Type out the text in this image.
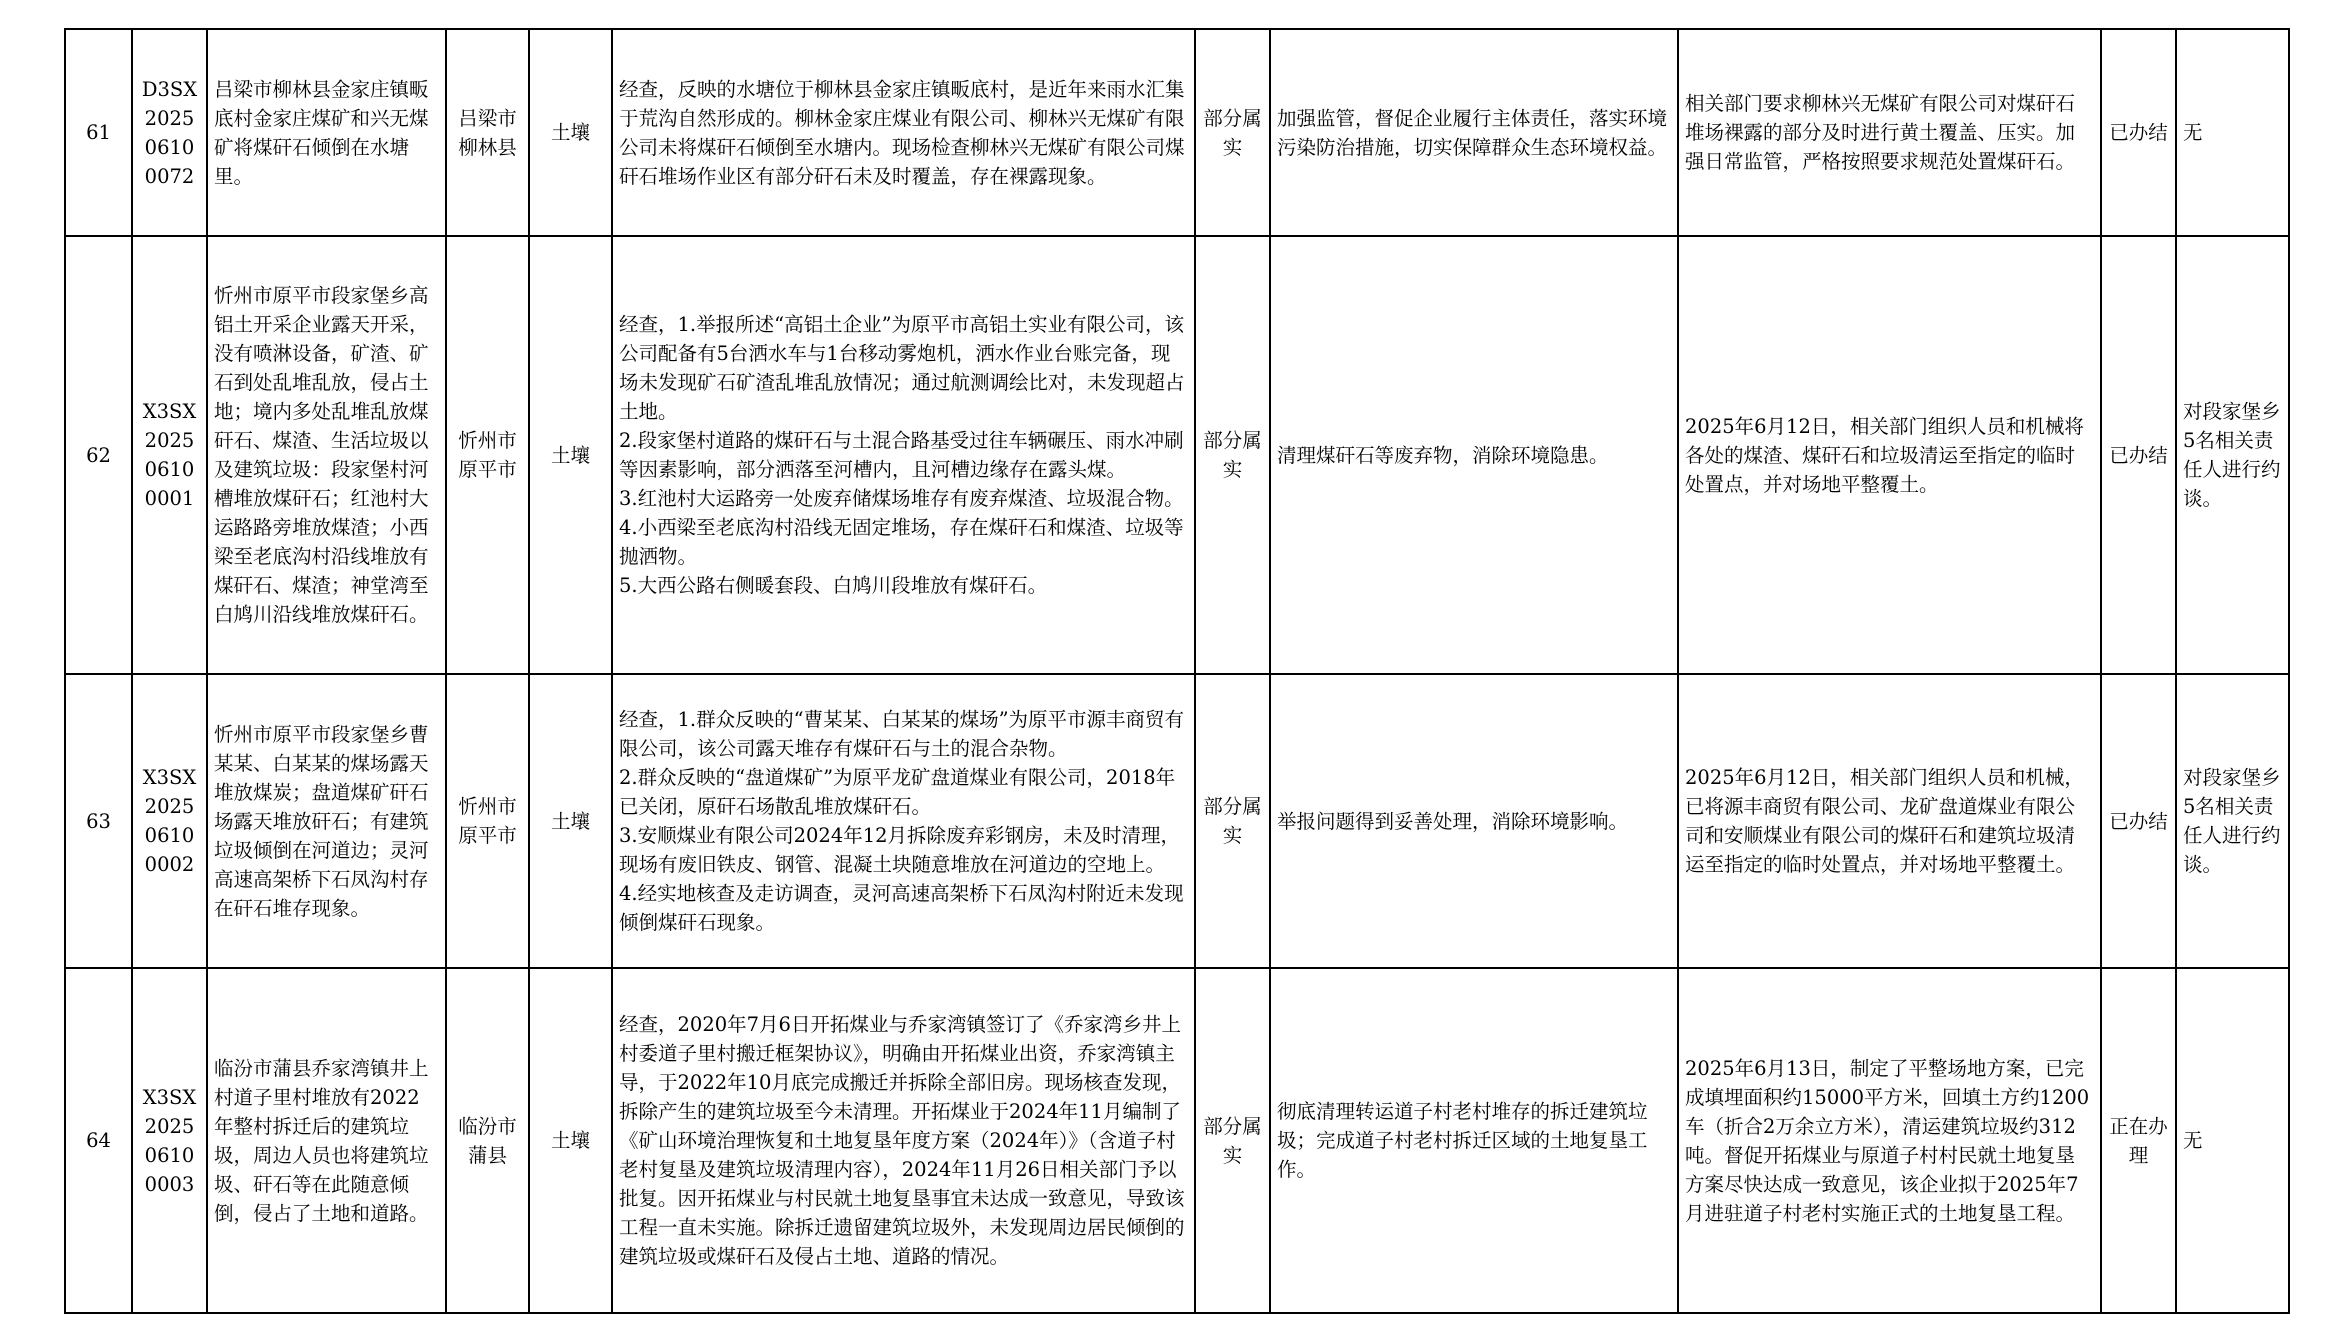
61	D3SX20250610 0072	吕梁市柳林县金家庄镇畈底村金家庄煤矿和兴无煤矿将煤矸石倾倒在水塘里。	吕梁市柳林县	土壤	经查，反映的水塘位于柳林县金家庄镇畈底村，是近年来雨水汇集于荒沟自然形成的。柳林金家庄煤业有限公司、柳林兴无煤矿有限公司未将煤矸石倾倒至水塘内。现场检查柳林兴无煤矿有限公司煤矸石堆场作业区有部分矸石未及时覆盖，存在裸露现象。	部分属实	加强监管，督促企业履行主体责任，落实环境污染防治措施，切实保障群众生态环境权益。	相关部门要求柳林兴无煤矿有限公司对煤矸石堆场裸露的部分及时进行黄土覆盖、压实。加强日常监管，严格按照要求规范处置煤矸石。	已办结	无
62	X3SX20250610 0001	忻州市原平市段家堡乡高铝土开采企业露天开采，没有喷淋设备，矿渣、矿石到处乱堆乱放，侵占土地；境内多处乱堆乱放煤矸石、煤渣、生活垃圾以及建筑垃圾：段家堡村河槽堆放煤矸石；红池村大运路路旁堆放煤渣；小西梁至老底沟村沿线堆放有煤矸石、煤渣；神堂湾至白鸠川沿线堆放煤矸石。	忻州市原平市	土壤	经查，1.举报所述“高铝土企业”为原平市高铝土实业有限公司，该公司配备有5台洒水车与1台移动雾炮机，洒水作业台账完备，现场未发现矿石矿渣乱堆乱放情况；通过航测调绘比对，未发现超占土地。
2.段家堡村道路的煤矸石与土混合路基受过往车辆碾压、雨水冲刷等因素影响，部分洒落至河槽内，且河槽边缘存在露头煤。
3.红池村大运路旁一处废弃储煤场堆存有废弃煤渣、垃圾混合物。
4.小西梁至老底沟村沿线无固定堆场，存在煤矸石和煤渣、垃圾等抛洒物。
5.大西公路右侧暖套段、白鸠川段堆放有煤矸石。	部分属实	清理煤矸石等废弃物，消除环境隐患。	2025年6月12日，相关部门组织人员和机械将各处的煤渣、煤矸石和垃圾清运至指定的临时处置点，并对场地平整覆土。	已办结	对段家堡乡5名相关责任人进行约谈。
63	X3SX20250610 0002	忻州市原平市段家堡乡曹某某、白某某的煤场露天堆放煤炭；盘道煤矿矸石场露天堆放矸石；有建筑垃圾倾倒在河道边；灵河高速高架桥下石凤沟村存在矸石堆存现象。	忻州市原平市	土壤	经查，1.群众反映的“曹某某、白某某的煤场”为原平市源丰商贸有限公司，该公司露天堆存有煤矸石与土的混合杂物。
2.群众反映的“盘道煤矿”为原平龙矿盘道煤业有限公司，2018年已关闭，原矸石场散乱堆放煤矸石。
3.安顺煤业有限公司2024年12月拆除废弃彩钢房，未及时清理，现场有废旧铁皮、钢管、混凝土块随意堆放在河道边的空地上。
4.经实地核查及走访调查，灵河高速高架桥下石凤沟村附近未发现倾倒煤矸石现象。	部分属实	举报问题得到妥善处理，消除环境影响。	2025年6月12日，相关部门组织人员和机械，已将源丰商贸有限公司、龙矿盘道煤业有限公司和安顺煤业有限公司的煤矸石和建筑垃圾清运至指定的临时处置点，并对场地平整覆土。	已办结	对段家堡乡5名相关责任人进行约谈。
64	X3SX20250610 0003	临汾市蒲县乔家湾镇井上村道子里村堆放有2022年整村拆迁后的建筑垃圾，周边人员也将建筑垃圾、矸石等在此随意倾倒，侵占了土地和道路。	临汾市蒲县	土壤	经查，2020年7月6日开拓煤业与乔家湾镇签订了《乔家湾乡井上村委道子里村搬迁框架协议》，明确由开拓煤业出资，乔家湾镇主导，于2022年10月底完成搬迁并拆除全部旧房。现场核查发现，拆除产生的建筑垃圾至今未清理。开拓煤业于2024年11月编制了《矿山环境治理恢复和土地复垦年度方案（2024年）》（含道子村老村复垦及建筑垃圾清理内容），2024年11月26日相关部门予以批复。因开拓煤业与村民就土地复垦事宜未达成一致意见，导致该工程一直未实施。除拆迁遗留建筑垃圾外，未发现周边居民倾倒的建筑垃圾或煤矸石及侵占土地、道路的情况。	部分属实	彻底清理转运道子村老村堆存的拆迁建筑垃圾；完成道子村老村拆迁区域的土地复垦工作。	2025年6月13日，制定了平整场地方案，已完成填埋面积约15000平方米，回填土方约1200车（折合2万余立方米），清运建筑垃圾约312吨。督促开拓煤业与原道子村村民就土地复垦方案尽快达成一致意见，该企业拟于2025年7月进驻道子村老村实施正式的土地复垦工程。	正在办理	无
